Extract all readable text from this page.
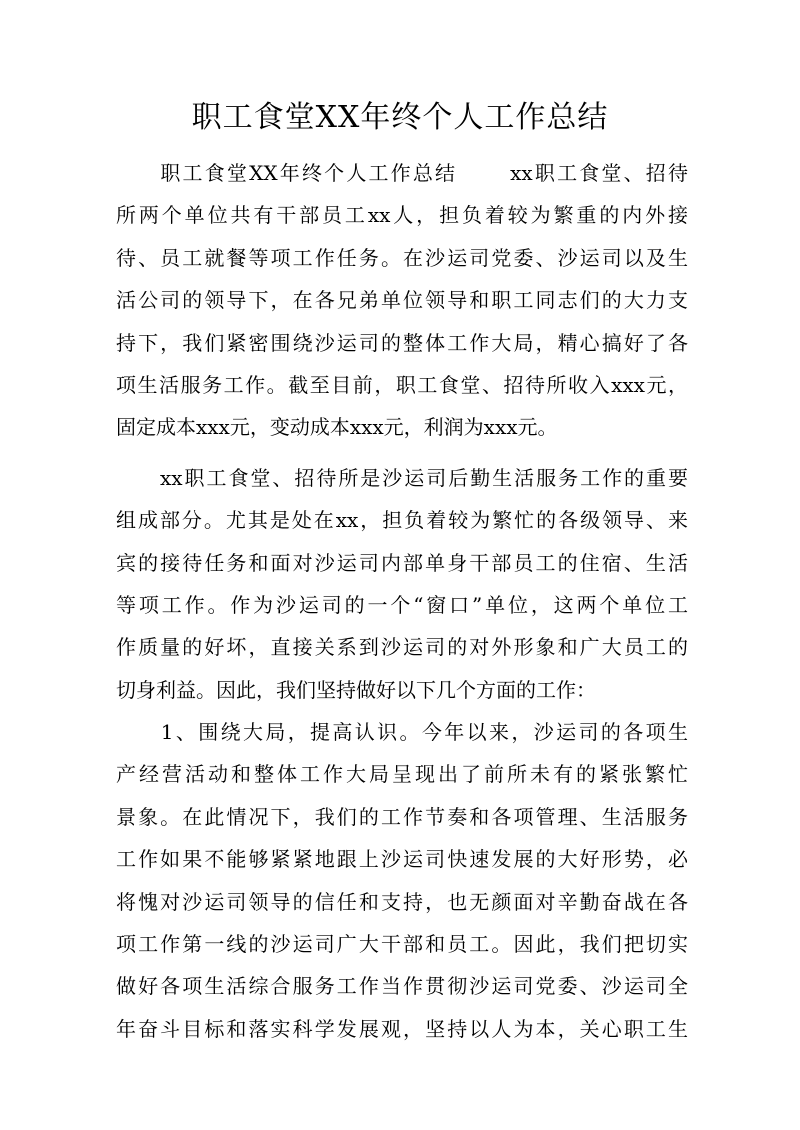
职工食堂XX年终个人工作总结
　　职工食堂XX年终个人工作总结　　 xx职工食堂、招待
所两个单位共有干部员工xx人，担负着较为繁重的内外接
待、员工就餐等项工作任务。在沙运司党委、沙运司以及生
活公司的领导下，在各兄弟单位领导和职工同志们的大力支
持下，我们紧密围绕沙运司的整体工作大局，精心搞好了各
项生活服务工作。截至目前，职工食堂、招待所收入xxx元，
固定成本xxx元，变动成本xxx元，利润为xxx元。
　　xx职工食堂、招待所是沙运司后勤生活服务工作的重要
组成部分。尤其是处在xx，担负着较为繁忙的各级领导、来
宾的接待任务和面对沙运司内部单身干部员工的住宿、生活
等项工作。作为沙运司的一个“窗口”单位，这两个单位工
作质量的好坏，直接关系到沙运司的对外形象和广大员工的
切身利益。因此，我们坚持做好以下几个方面的工作：
　　1、围绕大局，提高认识。今年以来，沙运司的各项生
产经营活动和整体工作大局呈现出了前所未有的紧张繁忙
景象。在此情况下，我们的工作节奏和各项管理、生活服务
工作如果不能够紧紧地跟上沙运司快速发展的大好形势，必
将愧对沙运司领导的信任和支持，也无颜面对辛勤奋战在各
项工作第一线的沙运司广大干部和员工。因此，我们把切实
做好各项生活综合服务工作当作贯彻沙运司党委、沙运司全
年奋斗目标和落实科学发展观，坚持以人为本，关心职工生
